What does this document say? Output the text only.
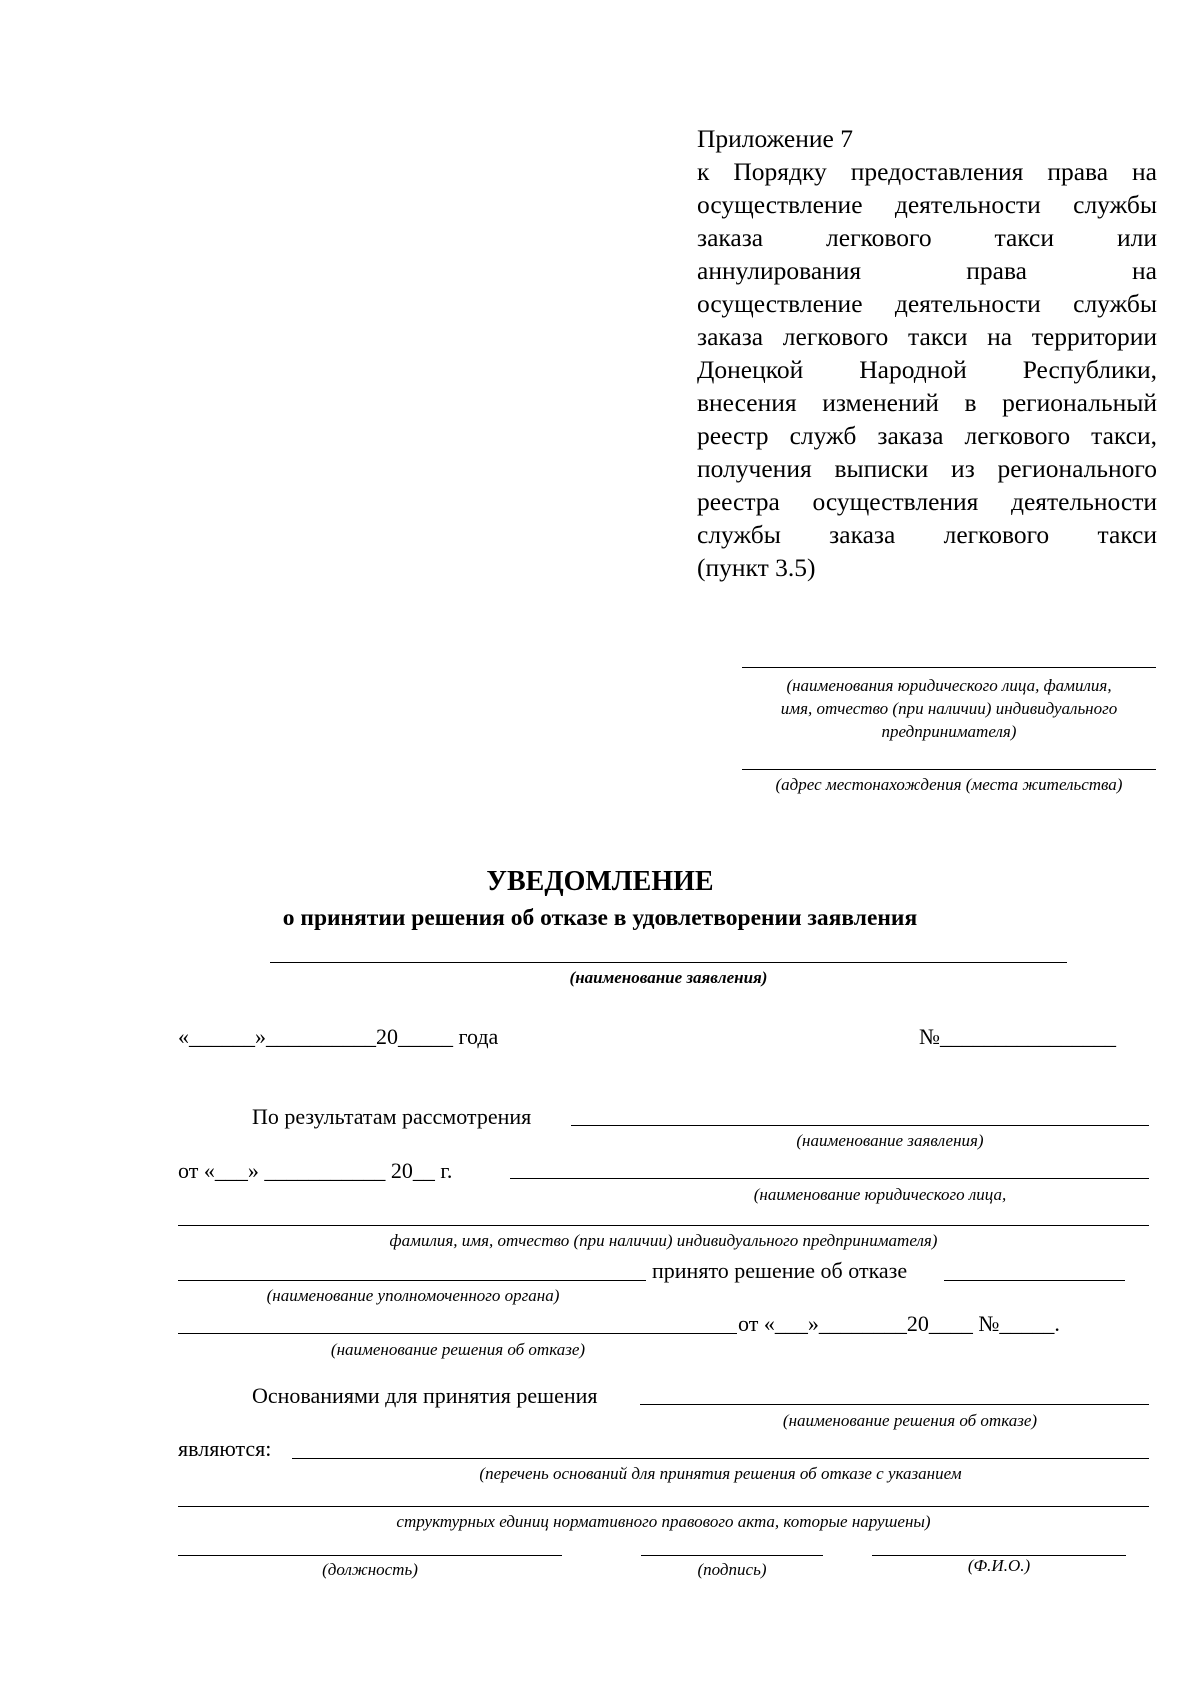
Приложение 7
к Порядку предоставления права на
осуществление деятельности службы
заказа легкового такси или
аннулирования права на
осуществление деятельности службы
заказа легкового такси на территории
Донецкой Народной Республики,
внесения изменений в региональный
реестр служб заказа легкового такси,
получения выписки из регионального
реестра осуществления деятельности
службы заказа легкового такси
(пункт 3.5)
(наименования юридического лица, фамилия,
имя, отчество (при наличии) индивидуального
предпринимателя)
(адрес местонахождения (места жительства)
УВЕДОМЛЕНИЕ
о принятии решения об отказе в удовлетворении заявления
(наименование заявления)
«______»__________20_____ года	№________________
По результатам рассмотрения
(наименование заявления)
от «___» ___________ 20__ г.
(наименование юридического лица,
фамилия, имя, отчество (при наличии) индивидуального предпринимателя)
принято решение об отказе
(наименование уполномоченного органа)
от «___»________20____ №_____.
(наименование решения об отказе)
Основаниями для принятия решения
(наименование решения об отказе)
являются:
(перечень оснований для принятия решения об отказе с указанием
структурных единиц нормативного правового акта, которые нарушены)
(должность)	(подпись)	(Ф.И.О.)
